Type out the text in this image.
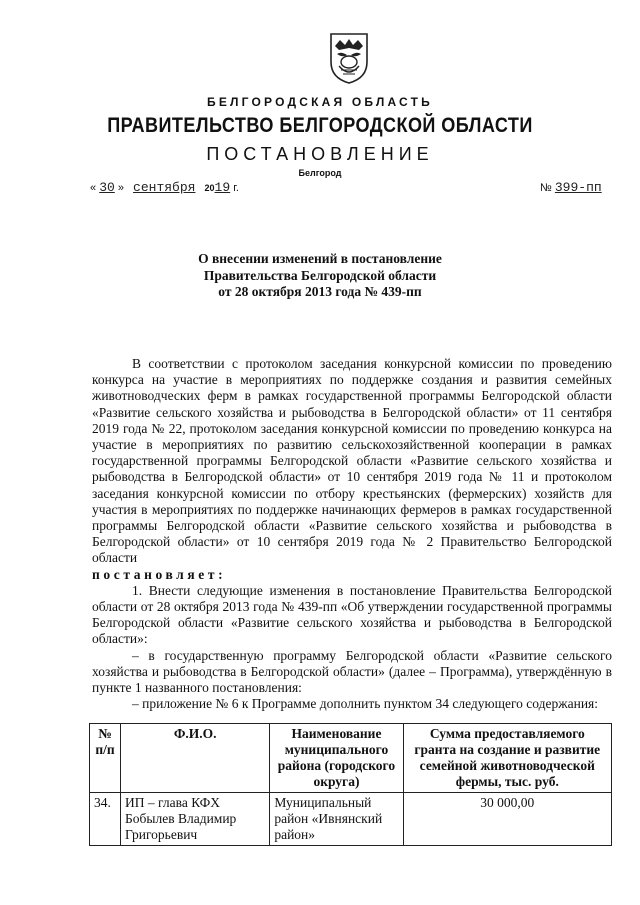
БЕЛГОРОДСКАЯ ОБЛАСТЬ
ПРАВИТЕЛЬСТВО БЕЛГОРОДСКОЙ ОБЛАСТИ
ПОСТАНОВЛЕНИЕ
Белгород
« 30 » сентября 2019 г.	№ 399-пп
О внесении изменений в постановление
Правительства Белгородской области
от 28 октября 2013 года № 439-пп

В соответствии с протоколом заседания конкурсной комиссии по проведению конкурса на участие в мероприятиях по поддержке создания и развития семейных животноводческих ферм в рамках государственной программы Белгородской области «Развитие сельского хозяйства и рыбоводства в Белгородской области» от 11 сентября 2019 года № 22, протоколом заседания конкурсной комиссии по проведению конкурса на участие в мероприятиях по развитию сельскохозяйственной кооперации в рамках государственной программы Белгородской области «Развитие сельского хозяйства и рыбоводства в Белгородской области» от 10 сентября 2019 года № 11 и протоколом заседания конкурсной комиссии по отбору крестьянских (фермерских) хозяйств для участия в мероприятиях по поддержке начинающих фермеров в рамках государственной программы Белгородской области «Развитие сельского хозяйства и рыбоводства в Белгородской области» от 10 сентября 2019 года № 2 Правительство Белгородской области

постановляет:

1. Внести следующие изменения в постановление Правительства Белгородской области от 28 октября 2013 года № 439-пп «Об утверждении государственной программы Белгородской области «Развитие сельского хозяйства и рыбоводства в Белгородской области»:

– в государственную программу Белгородской области «Развитие сельского хозяйства и рыбоводства в Белгородской области» (далее – Программа), утверждённую в пункте 1 названного постановления:

– приложение № 6 к Программе дополнить пунктом 34 следующего содержания:

№ п/п	Ф.И.О.	Наименование муниципального района (городского округа)	Сумма предоставляемого гранта на создание и развитие семейной животноводческой фермы, тыс. руб.
34.	ИП – глава КФХ Бобылев Владимир Григорьевич	Муниципальный район «Ивнянский район»	30 000,00
